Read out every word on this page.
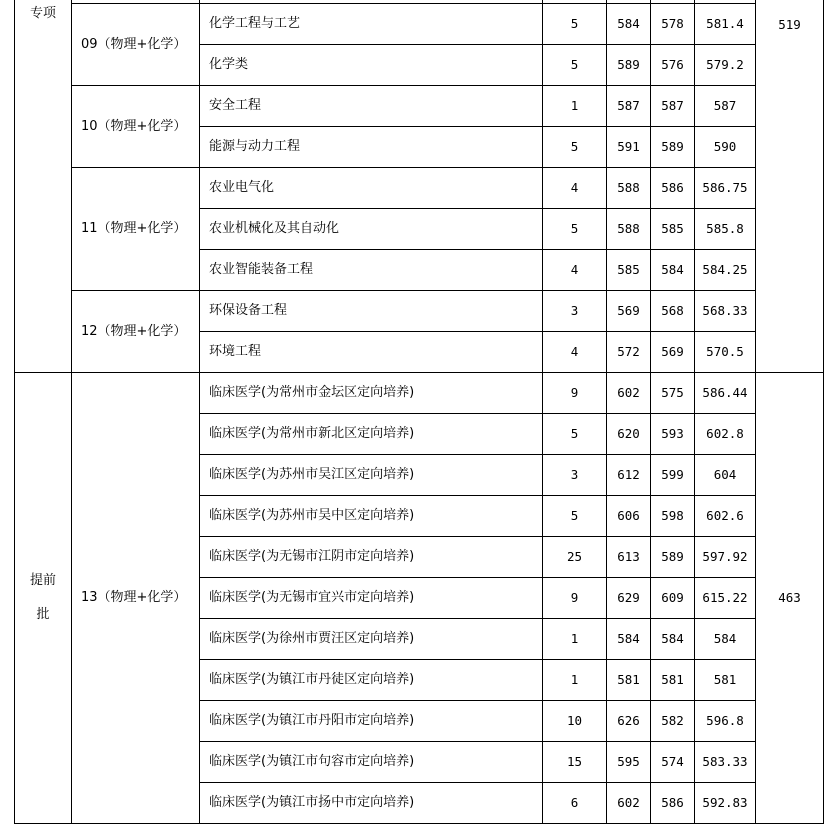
专项							519
	09（物理+化学）	化学工程与工艺	5	584	578	581.4	
		化学类	5	589	576	579.2	
	10（物理+化学）	安全工程	1	587	587	587	
		能源与动力工程	5	591	589	590	
	11（物理+化学）	农业电气化	4	588	586	586.75	
		农业机械化及其自动化	5	588	585	585.8	
		农业智能装备工程	4	585	584	584.25	
	12（物理+化学）	环保设备工程	3	569	568	568.33	
		环境工程	4	572	569	570.5	

提前
批	13（物理+化学）	临床医学(为常州市金坛区定向培养)	9	602	575	586.44	463
		临床医学(为常州市新北区定向培养)	5	620	593	602.8	
		临床医学(为苏州市吴江区定向培养)	3	612	599	604	
		临床医学(为苏州市吴中区定向培养)	5	606	598	602.6	
		临床医学(为无锡市江阴市定向培养)	25	613	589	597.92	
		临床医学(为无锡市宜兴市定向培养)	9	629	609	615.22	
		临床医学(为徐州市贾汪区定向培养)	1	584	584	584	
		临床医学(为镇江市丹徒区定向培养)	1	581	581	581	
		临床医学(为镇江市丹阳市定向培养)	10	626	582	596.8	
		临床医学(为镇江市句容市定向培养)	15	595	574	583.33	
		临床医学(为镇江市扬中市定向培养)	6	602	586	592.83	
